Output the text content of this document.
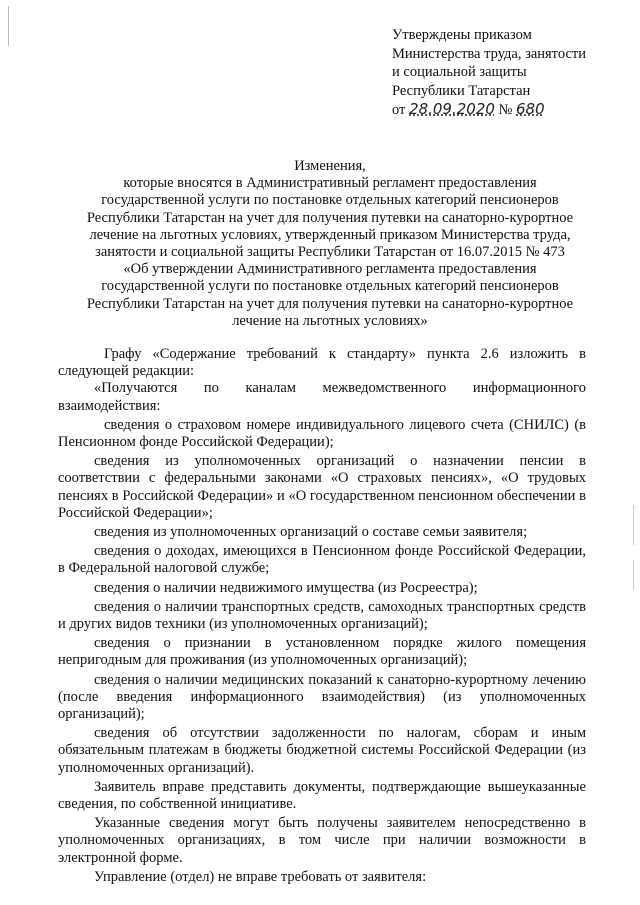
Утверждены приказом
Министерства труда, занятости
и социальной защиты
Республики Татарстан
от 28.09.2020 № 680
Изменения,
которые вносятся в Административный регламент предоставления
государственной услуги по постановке отдельных категорий пенсионеров
Республики Татарстан на учет для получения путевки на санаторно-курортное
лечение на льготных условиях, утвержденный приказом Министерства труда,
занятости и социальной защиты Республики Татарстан от 16.07.2015 № 473
«Об утверждении Административного регламента предоставления
государственной услуги по постановке отдельных категорий пенсионеров
Республики Татарстан на учет для получения путевки на санаторно-курортное
лечение на льготных условиях»
Графу «Содержание требований к стандарту» пункта 2.6 изложить в следующей редакции:
«Получаются по каналам межведомственного информационного взаимодействия:
сведения о страховом номере индивидуального лицевого счета (СНИЛС) (в Пенсионном фонде Российской Федерации);
сведения из уполномоченных организаций о назначении пенсии в соответствии с федеральными законами «О страховых пенсиях», «О трудовых пенсиях в Российской Федерации» и «О государственном пенсионном обеспечении в Российской Федерации»;
сведения из уполномоченных организаций о составе семьи заявителя;
сведения о доходах, имеющихся в Пенсионном фонде Российской Федерации, в Федеральной налоговой службе;
сведения о наличии недвижимого имущества (из Росреестра);
сведения о наличии транспортных средств, самоходных транспортных средств и других видов техники (из уполномоченных организаций);
сведения о признании в установленном порядке жилого помещения непригодным для проживания (из уполномоченных организаций);
сведения о наличии медицинских показаний к санаторно-курортному лечению (после введения информационного взаимодействия) (из уполномоченных организаций);
сведения об отсутствии задолженности по налогам, сборам и иным обязательным платежам в бюджеты бюджетной системы Российской Федерации (из уполномоченных организаций).
Заявитель вправе представить документы, подтверждающие вышеуказанные сведения, по собственной инициативе.
Указанные сведения могут быть получены заявителем непосредственно в уполномоченных организациях, в том числе при наличии возможности в электронной форме.
Управление (отдел) не вправе требовать от заявителя:
